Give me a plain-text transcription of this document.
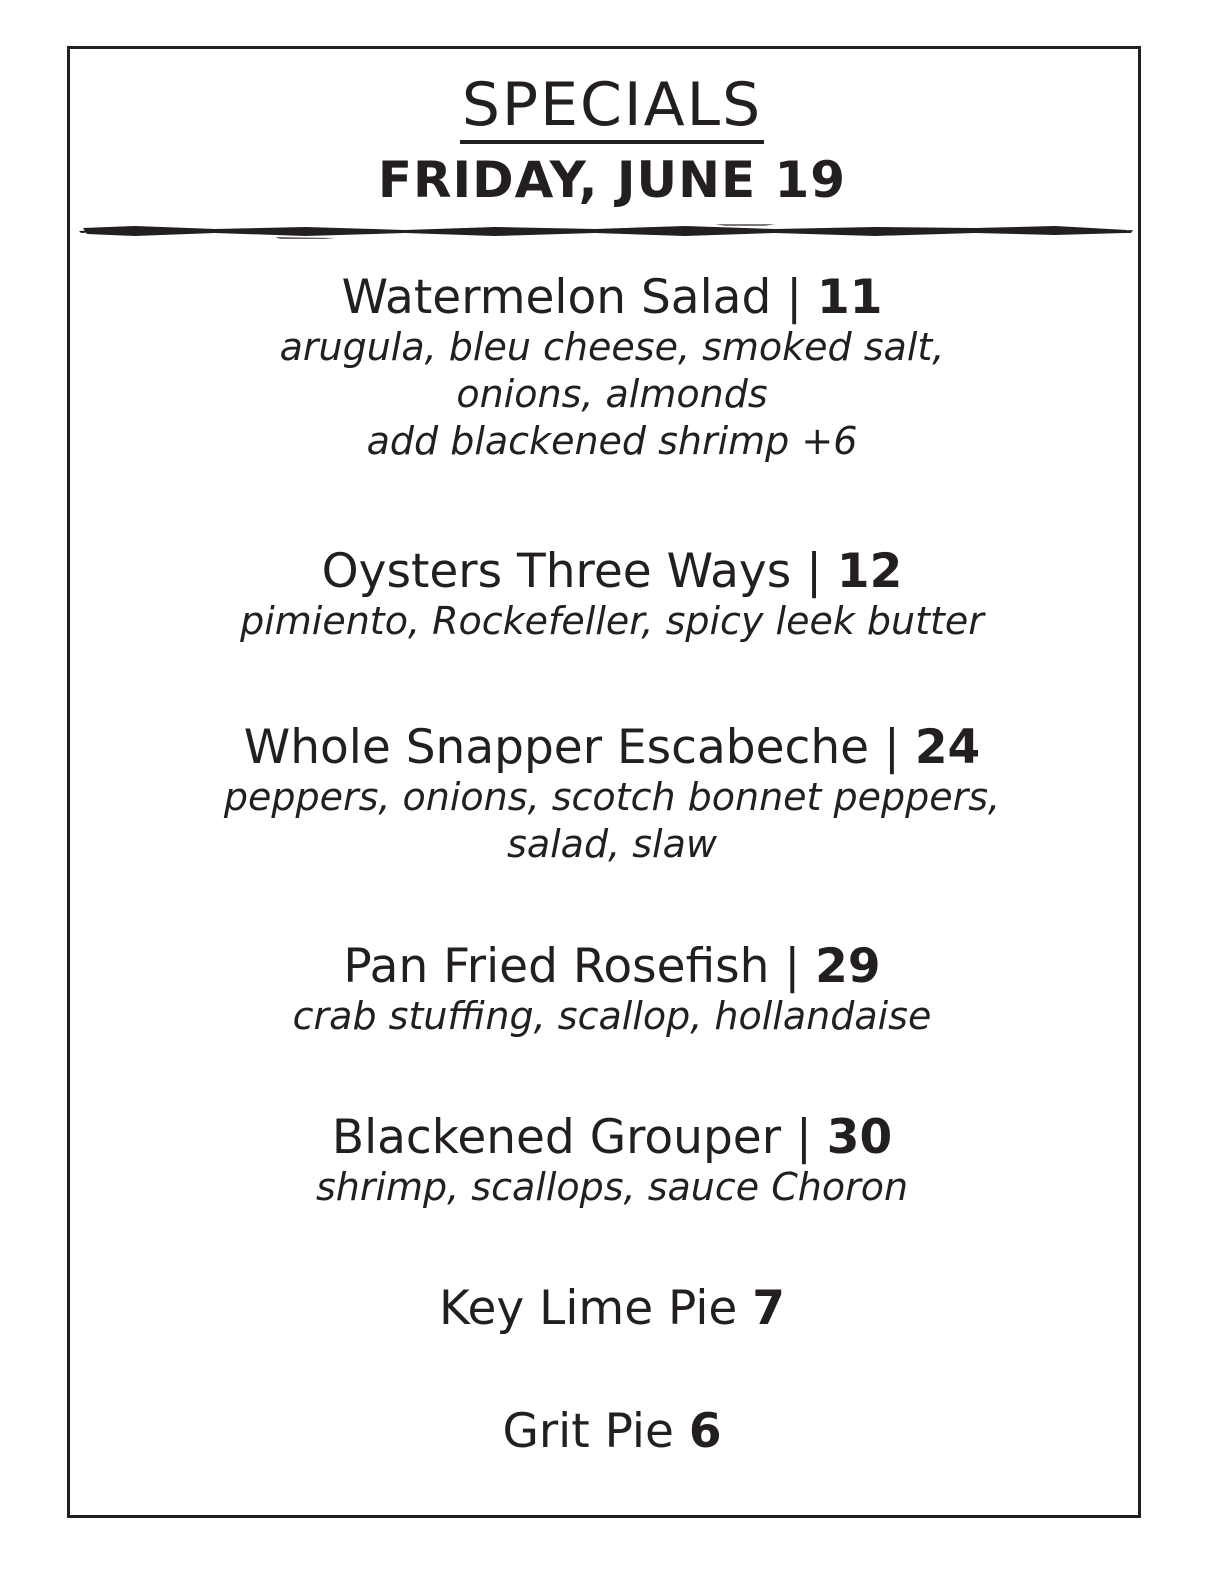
SPECIALS
FRIDAY, JUNE 19
Watermelon Salad | 11
arugula, bleu cheese, smoked salt,
onions, almonds
add blackened shrimp +6
Oysters Three Ways | 12
pimiento, Rockefeller, spicy leek butter
Whole Snapper Escabeche | 24
peppers, onions, scotch bonnet peppers,
salad, slaw
Pan Fried Rosefish | 29
crab stuffing, scallop, hollandaise
Blackened Grouper | 30
shrimp, scallops, sauce Choron
Key Lime Pie 7
Grit Pie 6
